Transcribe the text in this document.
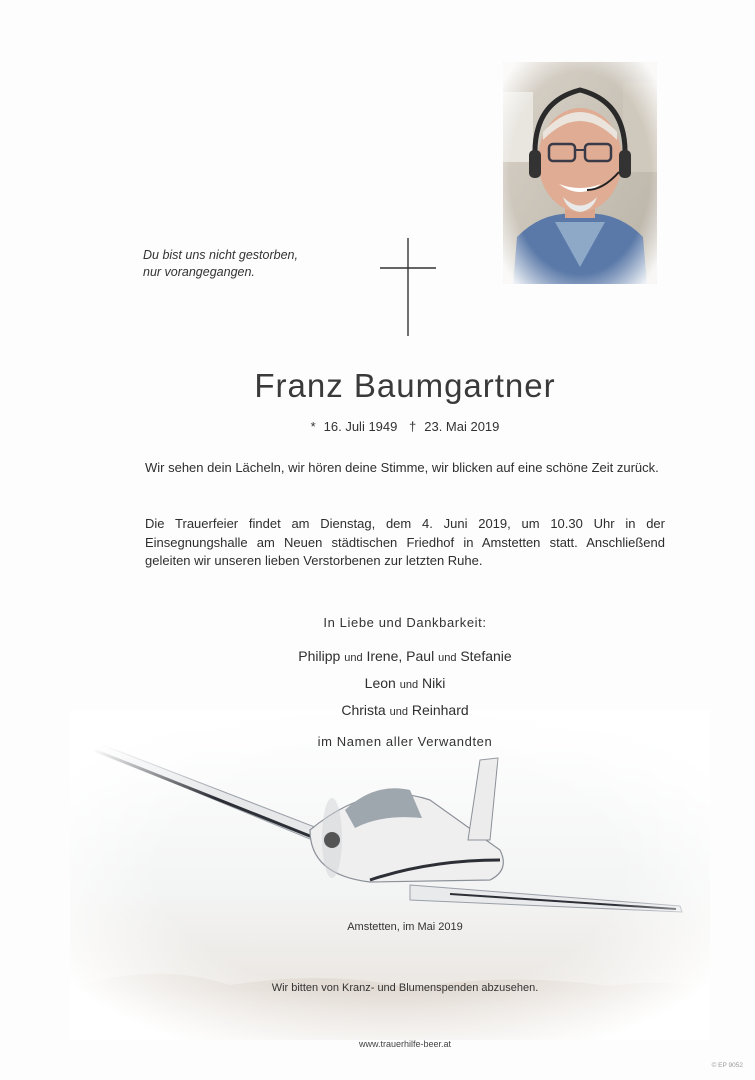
Du bist uns nicht gestorben,
nur vorangegangen.
Franz Baumgartner
* 16. Juli 1949 † 23. Mai 2019
Wir sehen dein Lächeln, wir hören deine Stimme, wir blicken auf eine schöne Zeit zurück.
Die Trauerfeier findet am Dienstag, dem 4. Juni 2019, um 10.30 Uhr in der Einsegnungshalle am Neuen städtischen Friedhof in Amstetten statt. Anschließend geleiten wir unseren lieben Verstorbenen zur letzten Ruhe.
In Liebe und Dankbarkeit:
Philipp und Irene, Paul und Stefanie
Leon und Niki
Christa und Reinhard
im Namen aller Verwandten
Amstetten, im Mai 2019
Wir bitten von Kranz- und Blumenspenden abzusehen.
www.trauerhilfe-beer.at
© EP 9052
